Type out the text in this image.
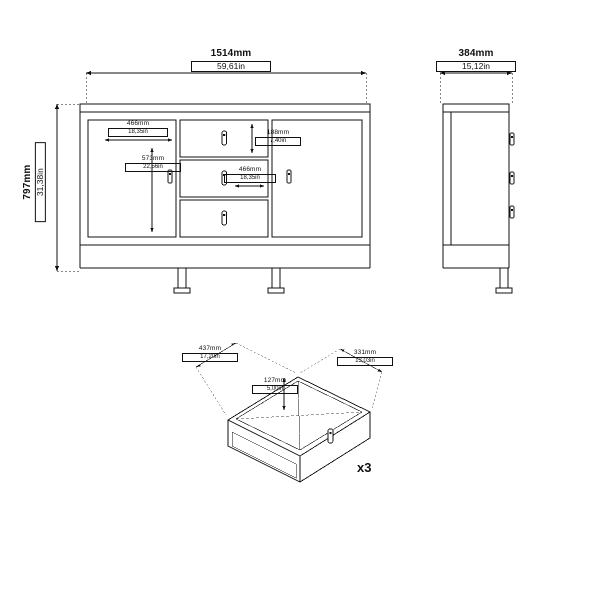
1514mm
59,61in
797mm 31,38in
466mm
18,35in
573mm
22,56in
188mm
7,40in
466mm
18,35in
384mm
15,12in
437mm
17,20in
331mm
13,03in
127mm
5,00in
x3
